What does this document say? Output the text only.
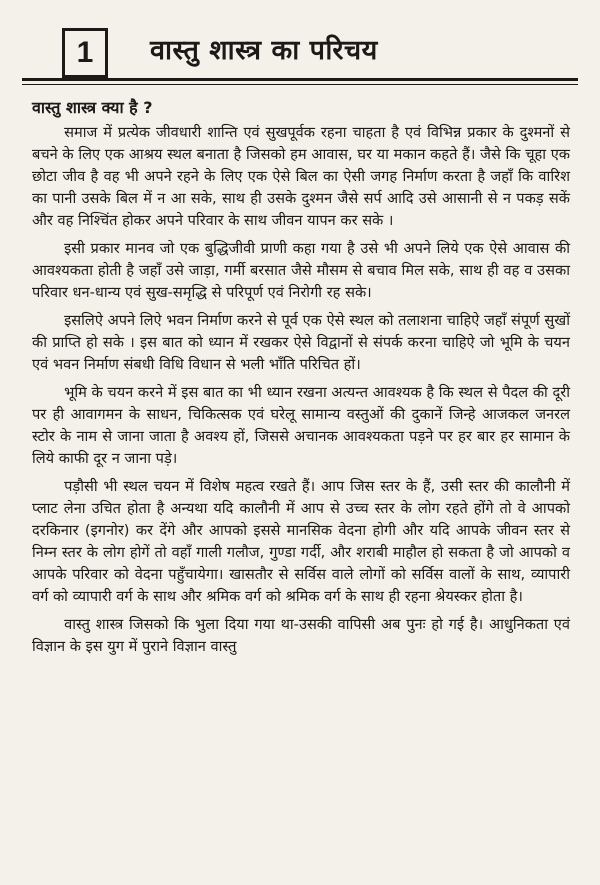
1 वास्तु शास्त्र का परिचय
वास्तु शास्त्र क्या है ?

समाज में प्रत्येक जीवधारी शान्ति एवं सुखपूर्वक रहना चाहता है एवं विभिन्न प्रकार के दुश्मनों से बचने के लिए एक आश्रय स्थल बनाता है जिसको हम आवास, घर या मकान कहते हैं। जैसे कि चूहा एक छोटा जीव है वह भी अपने रहने के लिए एक ऐसे बिल का ऐसी जगह निर्माण करता है जहाँ कि वारिश का पानी उसके बिल में न आ सके, साथ ही उसके दुश्मन जैसे सर्प आदि उसे आसानी से न पकड़ सकें और वह निश्चिंत होकर अपने परिवार के साथ जीवन यापन कर सके ।

इसी प्रकार मानव जो एक बुद्धिजीवी प्राणी कहा गया है उसे भी अपने लिये एक ऐसे आवास की आवश्यकता होती है जहाँ उसे जाड़ा, गर्मी बरसात जैसे मौसम से बचाव मिल सके, साथ ही वह व उसका परिवार धन-धान्य एवं सुख-समृद्धि से परिपूर्ण एवं निरोगी रह सके।

इसलिऐ अपने लिऐ भवन निर्माण करने से पूर्व एक ऐसे स्थल को तलाशना चाहिऐ जहाँ संपूर्ण सुखों की प्राप्ति हो सके । इस बात को ध्यान में रखकर ऐसे विद्वानों से संपर्क करना चाहिऐ जो भूमि के चयन एवं भवन निर्माण संबधी विधि विधान से भली भाँति परिचित हों।

भूमि के चयन करने में इस बात का भी ध्यान रखना अत्यन्त आवश्यक है कि स्थल से पैदल की दूरी पर ही आवागमन के साधन, चिकित्सक एवं घरेलू सामान्य वस्तुओं की दुकानें जिन्हे आजकल जनरल स्टोर के नाम से जाना जाता है अवश्य हों, जिससे अचानक आवश्यकता पड़ने पर हर बार हर सामान के लिये काफी दूर न जाना पड़े।

पड़ौसी भी स्थल चयन में विशेष महत्व रखते हैं। आप जिस स्तर के हैं, उसी स्तर की कालौनी में प्लाट लेना उचित होता है अन्यथा यदि कालौनी में आप से उच्च स्तर के लोग रहते होंगे तो वे आपको दरकिनार (इगनोर) कर देंगे और आपको इससे मानसिक वेदना होगी और यदि आपके जीवन स्तर से निम्न स्तर के लोग होगें तो वहाँ गाली गलौज, गुण्डा गर्दी, और शराबी माहौल हो सकता है जो आपको व आपके परिवार को वेदना पहुँचायेगा। खासतौर से सर्विस वाले लोगों को सर्विस वालों के साथ, व्यापारी वर्ग को व्यापारी वर्ग के साथ और श्रमिक वर्ग को श्रमिक वर्ग के साथ ही रहना श्रेयस्कर होता है।

वास्तु शास्त्र जिसको कि भुला दिया गया था-उसकी वापिसी अब पुनः हो गई है। आधुनिकता एवं विज्ञान के इस युग में पुराने विज्ञान वास्तु
